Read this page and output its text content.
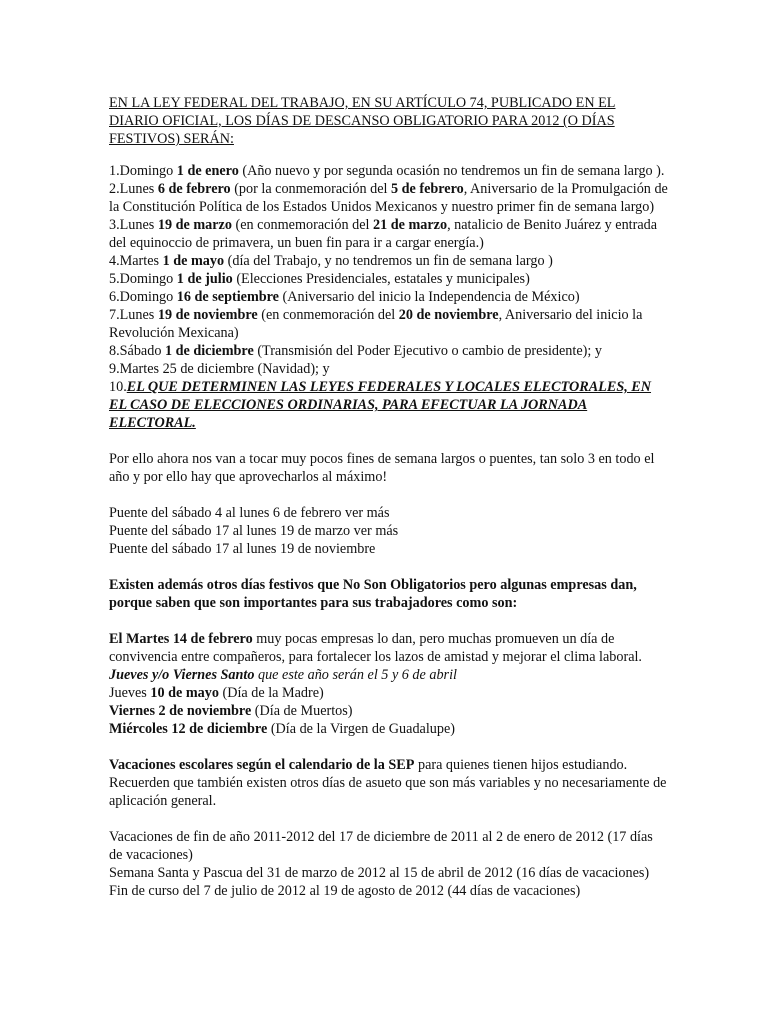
EN LA LEY FEDERAL DEL TRABAJO, EN SU ARTÍCULO 74, PUBLICADO EN EL DIARIO OFICIAL, LOS DÍAS DE DESCANSO OBLIGATORIO PARA 2012 (O DÍAS FESTIVOS) SERÁN:

1.Domingo 1 de enero (Año nuevo y por segunda ocasión no tendremos un fin de semana largo ).

2.Lunes 6 de febrero (por la conmemoración del 5 de febrero, Aniversario de la Promulgación de la Constitución Política de los Estados Unidos Mexicanos y nuestro primer fin de semana largo)

3.Lunes 19 de marzo (en conmemoración del 21 de marzo, natalicio de Benito Juárez y entrada del equinoccio de primavera, un buen fin para ir a cargar energía.)

4.Martes 1 de mayo (día del Trabajo, y no tendremos un fin de semana largo )

5.Domingo 1 de julio (Elecciones Presidenciales, estatales y municipales)

6.Domingo 16 de septiembre (Aniversario del inicio la Independencia de México)

7.Lunes 19 de noviembre (en conmemoración del 20 de noviembre, Aniversario del inicio la Revolución Mexicana)

8.Sábado 1 de diciembre (Transmisión del Poder Ejecutivo o cambio de presidente); y

9.Martes 25 de diciembre (Navidad); y

10.EL QUE DETERMINEN LAS LEYES FEDERALES Y LOCALES ELECTORALES, EN EL CASO DE ELECCIONES ORDINARIAS, PARA EFECTUAR LA JORNADA ELECTORAL.

Por ello ahora nos van a tocar muy pocos fines de semana largos o puentes, tan solo 3 en todo el año y por ello hay que aprovecharlos al máximo!

Puente del sábado 4 al lunes 6 de febrero ver más

Puente del sábado 17 al lunes 19 de marzo ver más

Puente del sábado 17 al lunes 19 de noviembre

Existen además otros días festivos que No Son Obligatorios pero algunas empresas dan, porque saben que son importantes para sus trabajadores como son:

El Martes 14 de febrero muy pocas empresas lo dan, pero muchas promueven un día de convivencia entre compañeros, para fortalecer los lazos de amistad y mejorar el clima laboral.

Jueves y/o Viernes Santo que este año serán el 5 y 6 de abril

Jueves 10 de mayo (Día de la Madre)

Viernes 2 de noviembre (Día de Muertos)

Miércoles 12 de diciembre (Día de la Virgen de Guadalupe)

Vacaciones escolares según el calendario de la SEP para quienes tienen hijos estudiando. Recuerden que también existen otros días de asueto que son más variables y no necesariamente de aplicación general.

Vacaciones de fin de año 2011-2012 del 17 de diciembre de 2011 al 2 de enero de 2012 (17 días de vacaciones)

Semana Santa y Pascua del 31 de marzo de 2012 al 15 de abril de 2012 (16 días de vacaciones)

Fin de curso del 7 de julio de 2012 al 19 de agosto de 2012 (44 días de vacaciones)
